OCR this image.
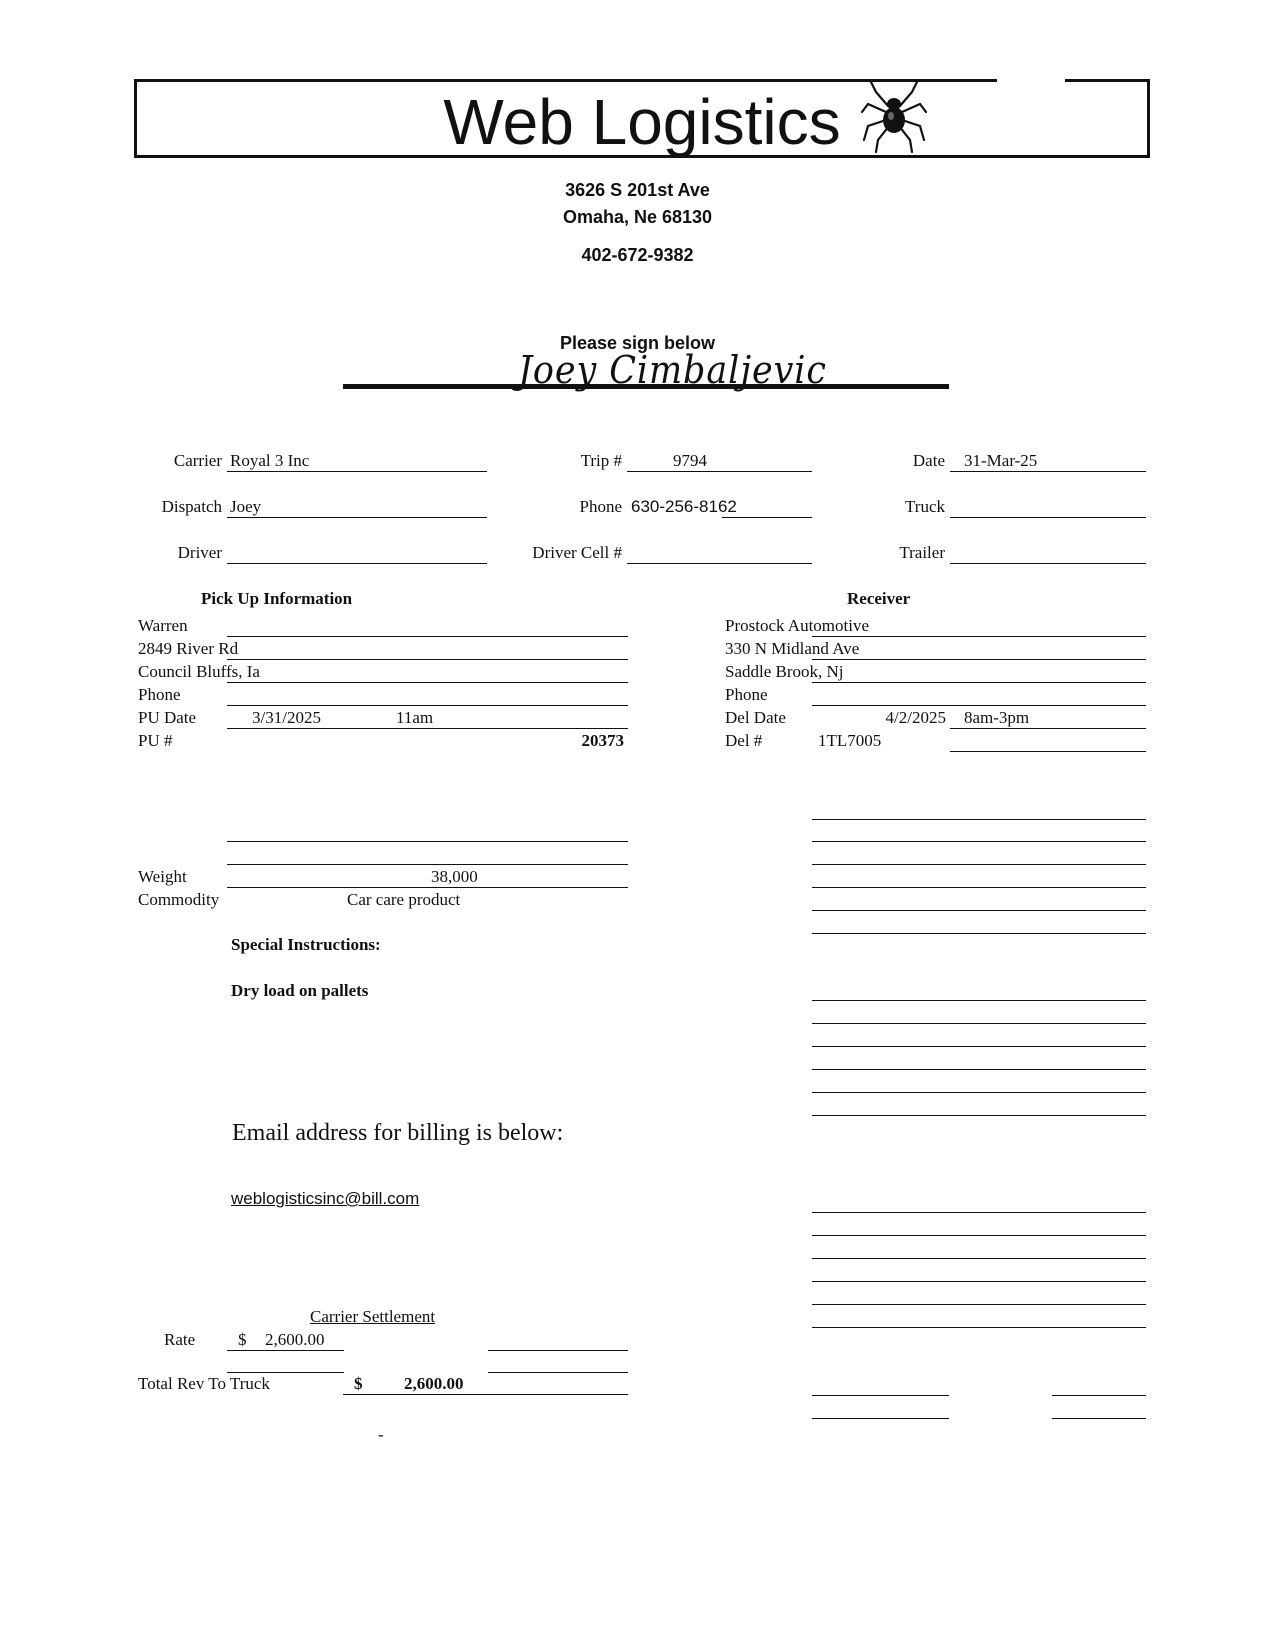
Web Logistics
3626 S 201st Ave
Omaha, Ne 68130
402-672-9382
Please sign below
Joey Cimbaljevic
Carrier Royal 3 Inc	Trip #	9794	Date 31-Mar-25
Dispatch Joey	Phone 630-256-8162	Truck
Driver	Driver Cell #	Trailer
Pick Up Information
Warren
2849 River Rd
Council Bluffs, Ia
Phone
PU Date	3/31/2025	11am
PU #	20373
Weight	38,000
Commodity	Car care product
Receiver
Prostock Automotive
330 N Midland Ave
Saddle Brook, Nj
Phone
Del Date	4/2/2025 8am-3pm
Del #	1TL7005
Special Instructions:
Dry load on pallets
Email address for billing is below:
weblogisticsinc@bill.com
Carrier Settlement
Rate	$ 2,600.00
Total Rev To Truck	$ 2,600.00
-
